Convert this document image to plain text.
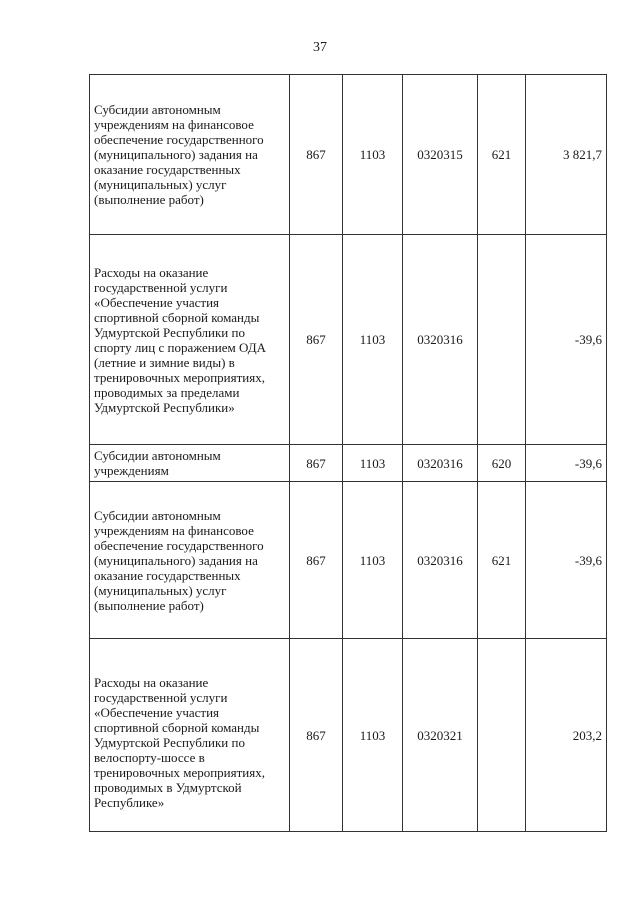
37
Субсидии автономным учреждениям на финансовое обеспечение государственного (муниципального) задания на оказание государственных (муниципальных) услуг (выполнение работ)	867	1103	0320315	621	3 821,7
Расходы на оказание государственной услуги «Обеспечение участия спортивной сборной команды Удмуртской Республики по спорту лиц с поражением ОДА (летние и зимние виды) в тренировочных мероприятиях, проводимых за пределами Удмуртской Республики»	867	1103	0320316		-39,6
Субсидии автономным учреждениям	867	1103	0320316	620	-39,6
Субсидии автономным учреждениям на финансовое обеспечение государственного (муниципального) задания на оказание государственных (муниципальных) услуг (выполнение работ)	867	1103	0320316	621	-39,6
Расходы на оказание государственной услуги «Обеспечение участия спортивной сборной команды Удмуртской Республики по велоспорту-шоссе в тренировочных мероприятиях, проводимых в Удмуртской Республике»	867	1103	0320321		203,2
